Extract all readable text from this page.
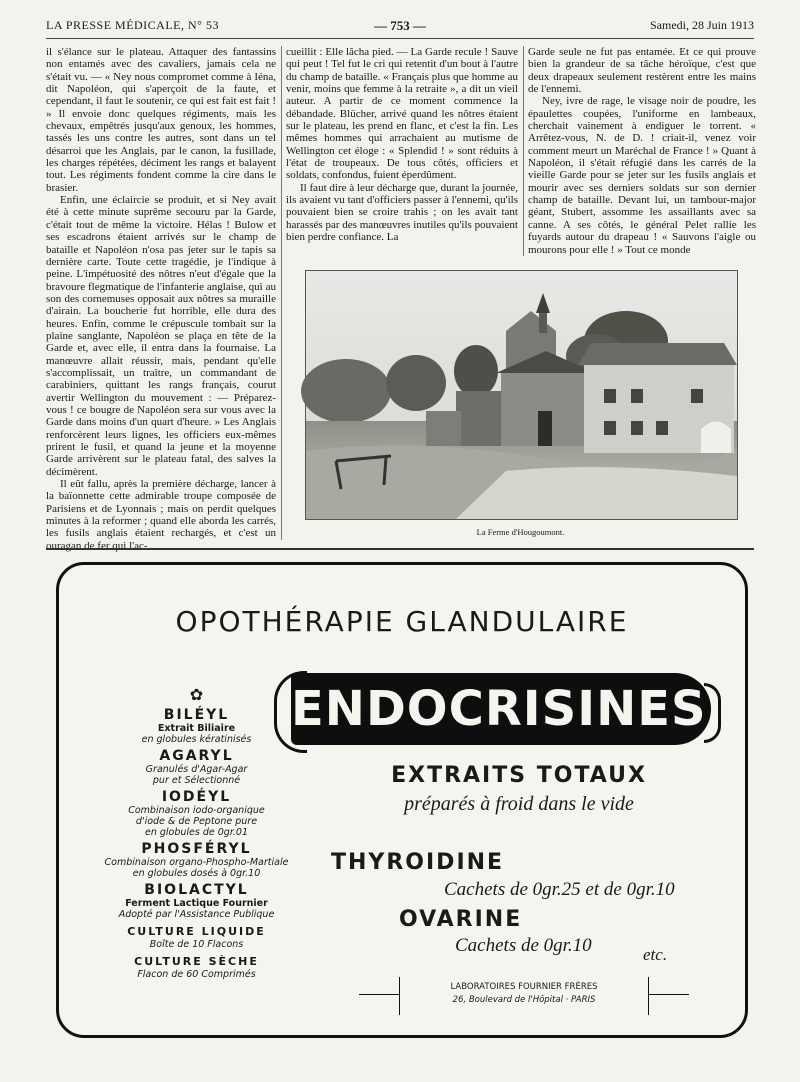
LA PRESSE MÉDICALE, N° 53	— 753 —	Samedi, 28 Juin 1913

il s'élance sur le plateau. Attaquer des fantassins non entamés avec des cavaliers, jamais cela ne s'était vu. — « Ney nous compromet comme à Iéna, dit Napoléon, qui s'aperçoit de la faute, et cependant, il faut le soutenir, ce qui est fait est fait ! » Il envoie donc quelques régiments, mais les chevaux, empêtrés jusqu'aux genoux, les hommes, tassés les uns contre les autres, sont dans un tel désarroi que les Anglais, par le canon, la fusillade, les charges répétées, déciment les rangs et balayent tout. Les régiments fondent comme la cire dans le brasier.

Enfin, une éclaircie se produit, et si Ney avait été à cette minute suprême secouru par la Garde, c'était tout de même la victoire. Hélas ! Bulow et ses escadrons étaient arrivés sur le champ de bataille et Napoléon n'osa pas jeter sur le tapis sa dernière carte. Toute cette tragédie, je l'indique à peine. L'impétuosité des nôtres n'eut d'égale que la bravoure flegmatique de l'infanterie anglaise, qui au son des cornemuses opposait aux nôtres sa muraille d'airain. La boucherie fut horrible, elle dura des heures. Enfin, comme le crépuscule tombait sur la plaine sanglante, Napoléon se plaça en tête de la Garde et, avec elle, il entra dans la fournaise. La manœuvre allait réussir, mais, pendant qu'elle s'accomplissait, un traître, un commandant de carabiniers, quittant les rangs français, courut avertir Wellington du mouvement : — Préparez-vous ! ce bougre de Napoléon sera sur vous avec la Garde dans moins d'un quart d'heure. » Les Anglais renforcèrent leurs lignes, les officiers eux-mêmes prirent le fusil, et quand la jeune et la moyenne Garde arrivèrent sur le plateau fatal, des salves la décimèrent.

Il eût fallu, après la première décharge, lancer à la baïonnette cette admirable troupe composée de Parisiens et de Lyonnais ; mais on perdit quelques minutes à la reformer ; quand elle aborda les carrés, les fusils anglais étaient rechargés, et c'est un ouragan de fer qui l'ac-

cueillit : Elle lâcha pied. — La Garde recule ! Sauve qui peut ! Tel fut le cri qui retentit d'un bout à l'autre du champ de bataille. « Français plus que homme au venir, moins que femme à la retraite », a dit un vieil auteur. A partir de ce moment commence la débandade. Blücher, arrivé quand les nôtres étaient sur le plateau, les prend en flanc, et c'est la fin. Les mêmes hommes qui arrachaient au mutisme de Wellington cet éloge : « Splendid ! » sont réduits à l'état de troupeaux. De tous côtés, officiers et soldats, confondus, fuient éperdûment.

Il faut dire à leur décharge que, durant la journée, ils avaient vu tant d'officiers passer à l'ennemi, qu'ils pouvaient bien se croire trahis ; on les avait tant harassés par des manœuvres inutiles qu'ils pouvaient bien perdre confiance. La

Garde seule ne fut pas entamée. Et ce qui prouve bien la grandeur de sa tâche héroïque, c'est que deux drapeaux seulement restèrent entre les mains de l'ennemi.

Ney, ivre de rage, le visage noir de poudre, les épaulettes coupées, l'uniforme en lambeaux, cherchait vainement à endiguer le torrent. « Arrêtez-vous, N. de D. ! criait-il, venez voir comment meurt un Maréchal de France ! » Quant à Napoléon, il s'était réfugié dans les carrés de la vieille Garde pour se jeter sur les fusils anglais et mourir avec ses derniers soldats sur son dernier champ de bataille. Devant lui, un tambour-major géant, Stubert, assomme les assaillants avec sa canne. A ses côtés, le général Pelet rallie les fuyards autour du drapeau ! « Sauvons l'aigle ou mourons pour elle ! » Tout ce monde

La Ferme d'Hougoumont.
OPOTHÉRAPIE GLANDULAIRE
✿
BILÉYL
Extrait Biliaire
en globules kératinisés
AGARYL
Granulés d'Agar-Agar
pur et Sélectionné
IODÉYL
Combinaison iodo-organique
d'iode & de Peptone pure
en globules de 0gr.01
PHOSFÉRYL
Combinaison organo-Phospho-Martiale
en globules dosés à 0gr.10
BIOLACTYL
Ferment Lactique Fournier
Adopté par l'Assistance Publique
CULTURE LIQUIDE
Boîte de 10 Flacons
CULTURE SÈCHE
Flacon de 60 Comprimés
ENDOCRISINES
EXTRAITS TOTAUX
préparés à froid dans le vide
THYROIDINE
Cachets de 0gr.25 et de 0gr.10
OVARINE
Cachets de 0gr.10	etc.
LABORATOIRES FOURNIER FRÈRES
26, Boulevard de l'Hôpital · PARIS
